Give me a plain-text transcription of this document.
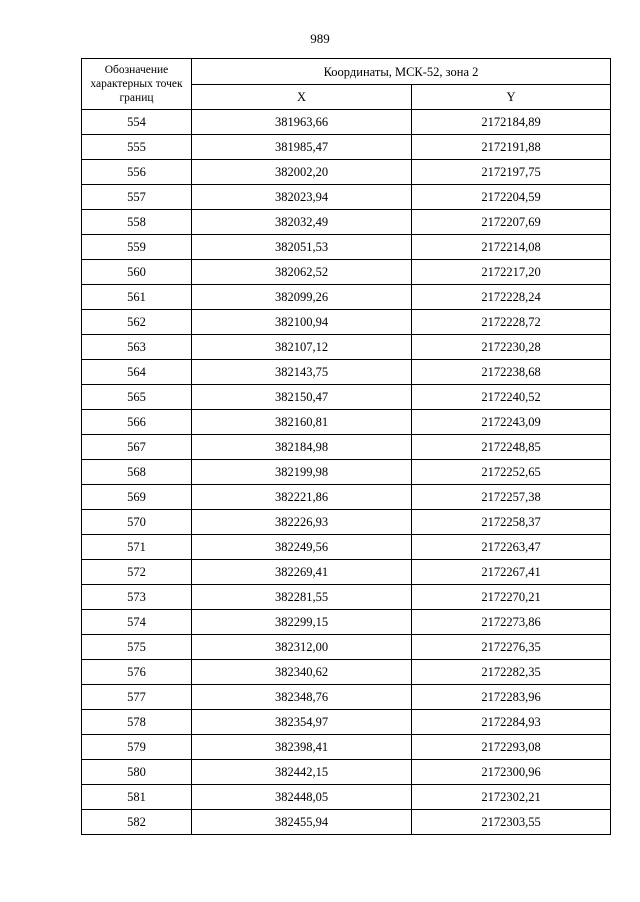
989
Обозначение характерных точек границ	Координаты, МСК-52, зона 2	
	X	Y
554	381963,66	2172184,89
555	381985,47	2172191,88
556	382002,20	2172197,75
557	382023,94	2172204,59
558	382032,49	2172207,69
559	382051,53	2172214,08
560	382062,52	2172217,20
561	382099,26	2172228,24
562	382100,94	2172228,72
563	382107,12	2172230,28
564	382143,75	2172238,68
565	382150,47	2172240,52
566	382160,81	2172243,09
567	382184,98	2172248,85
568	382199,98	2172252,65
569	382221,86	2172257,38
570	382226,93	2172258,37
571	382249,56	2172263,47
572	382269,41	2172267,41
573	382281,55	2172270,21
574	382299,15	2172273,86
575	382312,00	2172276,35
576	382340,62	2172282,35
577	382348,76	2172283,96
578	382354,97	2172284,93
579	382398,41	2172293,08
580	382442,15	2172300,96
581	382448,05	2172302,21
582	382455,94	2172303,55
